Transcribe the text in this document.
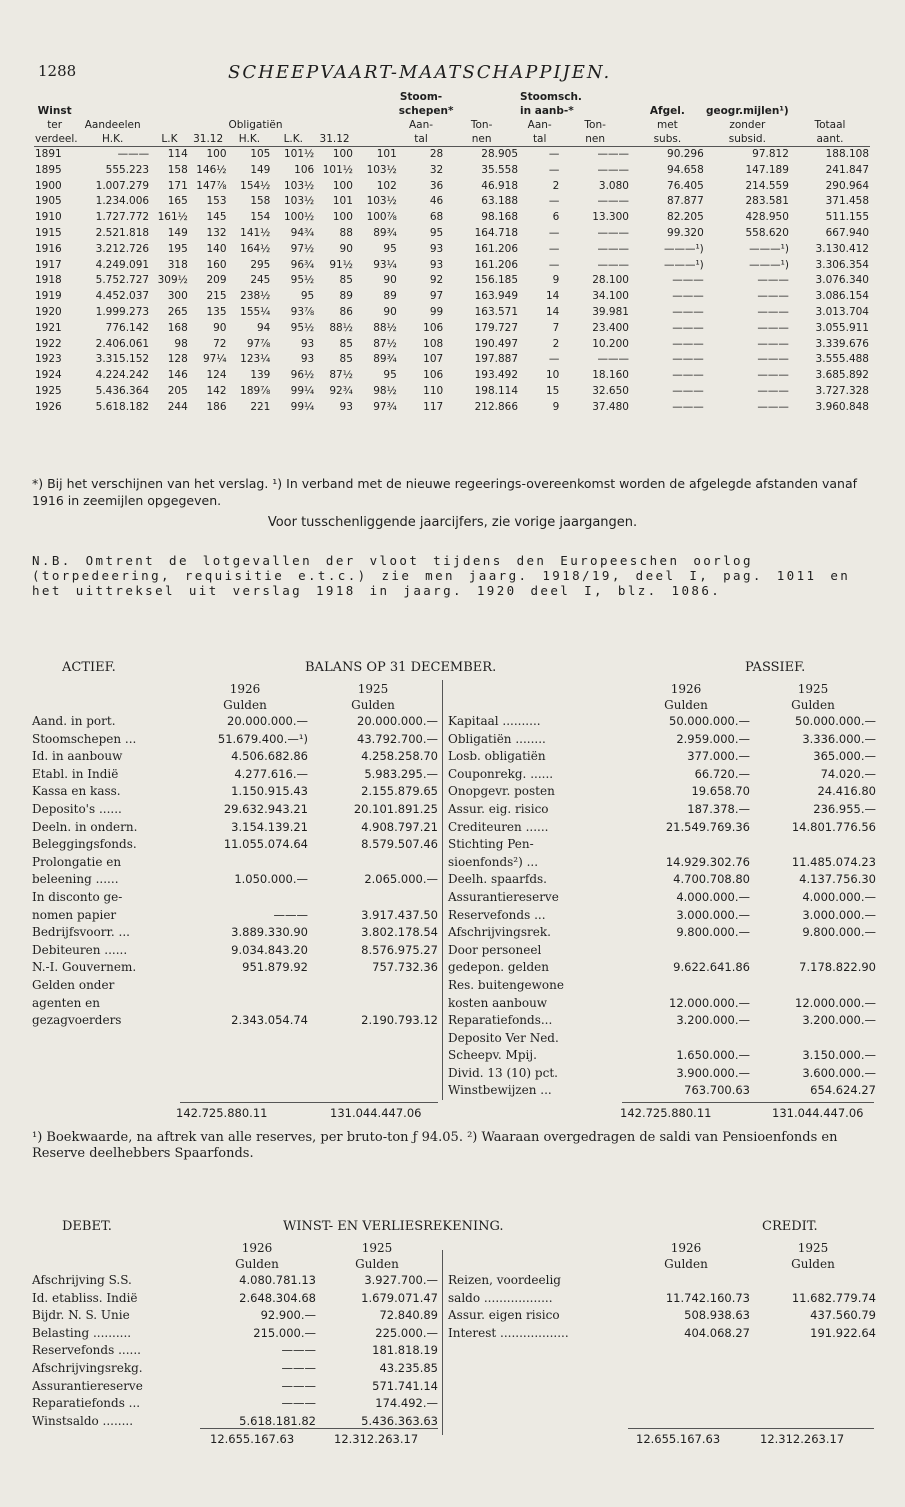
1288	SCHEEPVAART-MAATSCHAPPIJEN.
								Stoom-		Stoomsch.				
Winst								schepen*		in aanb-*		Afgel.	geogr.mijlen¹)	
ter	Aandeelen			Obligatiën				Aan-	Ton-	Aan-	Ton-	met	zonder	Totaal
verdeel.	H.K.	L.K	31.12	H.K.	L.K.	31.12		tal	nen	tal	nen	subs.	subsid.	aant.
1891	———	114	100	105	101½	100	101	28	28.905	—	———	90.296	97.812	188.108
1895	555.223	158	146½	149	106	101½	103½	32	35.558	—	———	94.658	147.189	241.847
1900	1.007.279	171	147⅞	154½	103½	100	102	36	46.918	2	3.080	76.405	214.559	290.964
1905	1.234.006	165	153	158	103½	101	103½	46	63.188	—	———	87.877	283.581	371.458
1910	1.727.772	161½	145	154	100½	100	100⅞	68	98.168	6	13.300	82.205	428.950	511.155
1915	2.521.818	149	132	141½	94¾	88	89¾	95	164.718	—	———	99.320	558.620	667.940
1916	3.212.726	195	140	164½	97½	90	95	93	161.206	—	———	———¹)	———¹)	3.130.412
1917	4.249.091	318	160	295	96¾	91½	93¼	93	161.206	—	———	———¹)	———¹)	3.306.354
1918	5.752.727	309½	209	245	95½	85	90	92	156.185	9	28.100	———	———	3.076.340
1919	4.452.037	300	215	238½	95	89	89	97	163.949	14	34.100	———	———	3.086.154
1920	1.999.273	265	135	155¼	93⅞	86	90	99	163.571	14	39.981	———	———	3.013.704
1921	776.142	168	90	94	95½	88½	88½	106	179.727	7	23.400	———	———	3.055.911
1922	2.406.061	98	72	97⅞	93	85	87½	108	190.497	2	10.200	———	———	3.339.676
1923	3.315.152	128	97¼	123¼	93	85	89¾	107	197.887	—	———	———	———	3.555.488
1924	4.224.242	146	124	139	96½	87½	95	106	193.492	10	18.160	———	———	3.685.892
1925	5.436.364	205	142	189⅞	99¼	92¾	98½	110	198.114	15	32.650	———	———	3.727.328
1926	5.618.182	244	186	221	99¼	93	97¾	117	212.866	9	37.480	———	———	3.960.848
*) Bij het verschijnen van het verslag. ¹) In verband met de nieuwe regeerings-overeenkomst worden de afgelegde afstanden vanaf 1916 in zeemijlen opgegeven.
Voor tusschenliggende jaarcijfers, zie vorige jaargangen.
N.B. Omtrent de lotgevallen der vloot tijdens den Europeeschen oorlog (torpedeering, requisitie e.t.c.) zie men jaarg. 1918/19, deel I, pag. 1011 en het uittreksel uit verslag 1918 in jaarg. 1920 deel I, blz. 1086.
ACTIEF.	BALANS OP 31 DECEMBER.	PASSIEF.
	1926	1925
	Gulden	Gulden
Aand. in port.	20.000.000.—	20.000.000.—
Stoomschepen ...	51.679.400.—¹)	43.792.700.—
Id. in aanbouw	4.506.682.86	4.258.258.70
Etabl. in Indië	4.277.616.—	5.983.295.—
Kassa en kass.	1.150.915.43	2.155.879.65
Deposito's ......	29.632.943.21	20.101.891.25
Deeln. in ondern.	3.154.139.21	4.908.797.21
Beleggingsfonds.	11.055.074.64	8.579.507.46
Prolongatie en		
beleening ......	1.050.000.—	2.065.000.—
In disconto ge-		
nomen papier	———	3.917.437.50
Bedrijfsvoorr. ...	3.889.330.90	3.802.178.54
Debiteuren ......	9.034.843.20	8.576.975.27
N.-I. Gouvernem.	951.879.92	757.732.36
Gelden onder		
agenten en		
gezagvoerders	2.343.054.74	2.190.793.12
	1926	1925
	Gulden	Gulden
Kapitaal ..........	50.000.000.—	50.000.000.—
Obligatiën ........	2.959.000.—	3.336.000.—
Losb. obligatiën	377.000.—	365.000.—
Couponrekg. ......	66.720.—	74.020.—
Onopgevr. posten	19.658.70	24.416.80
Assur. eig. risico	187.378.—	236.955.—
Crediteuren ......	21.549.769.36	14.801.776.56
Stichting Pen-		
sioenfonds²) ...	14.929.302.76	11.485.074.23
Deelh. spaarfds.	4.700.708.80	4.137.756.30
Assurantiereserve	4.000.000.—	4.000.000.—
Reservefonds ...	3.000.000.—	3.000.000.—
Afschrijvingsrek.	9.800.000.—	9.800.000.—
Door personeel		
gedepon. gelden	9.622.641.86	7.178.822.90
Res. buitengewone		
kosten aanbouw	12.000.000.—	12.000.000.—
Reparatiefonds...	3.200.000.—	3.200.000.—
Deposito Ver Ned.		
Scheepv. Mpij.	1.650.000.—	3.150.000.—
Divid. 13 (10) pct.	3.900.000.—	3.600.000.—
Winstbewijzen ...	763.700.63	654.624.27
142.725.880.11	131.044.447.06	142.725.880.11	131.044.447.06
¹) Boekwaarde, na aftrek van alle reserves, per bruto-ton ƒ 94.05. ²) Waaraan overgedragen de saldi van Pensioenfonds en Reserve deelhebbers Spaarfonds.
DEBET.	WINST- EN VERLIESREKENING.	CREDIT.
	1926	1925
	Gulden	Gulden
Afschrijving S.S.	4.080.781.13	3.927.700.—
Id. etabliss. Indië	2.648.304.68	1.679.071.47
Bijdr. N. S. Unie	92.900.—	72.840.89
Belasting ..........	215.000.—	225.000.—
Reservefonds ......	———	181.818.19
Afschrijvingsrekg.	———	43.235.85
Assurantiereserve	———	571.741.14
Reparatiefonds ...	———	174.492.—
Winstsaldo ........	5.618.181.82	5.436.363.63
	1926	1925
	Gulden	Gulden
Reizen, voordeelig		
saldo ..................	11.742.160.73	11.682.779.74
Assur. eigen risico	508.938.63	437.560.79
Interest ..................	404.068.27	191.922.64
12.655.167.63	12.312.263.17	12.655.167.63	12.312.263.17
